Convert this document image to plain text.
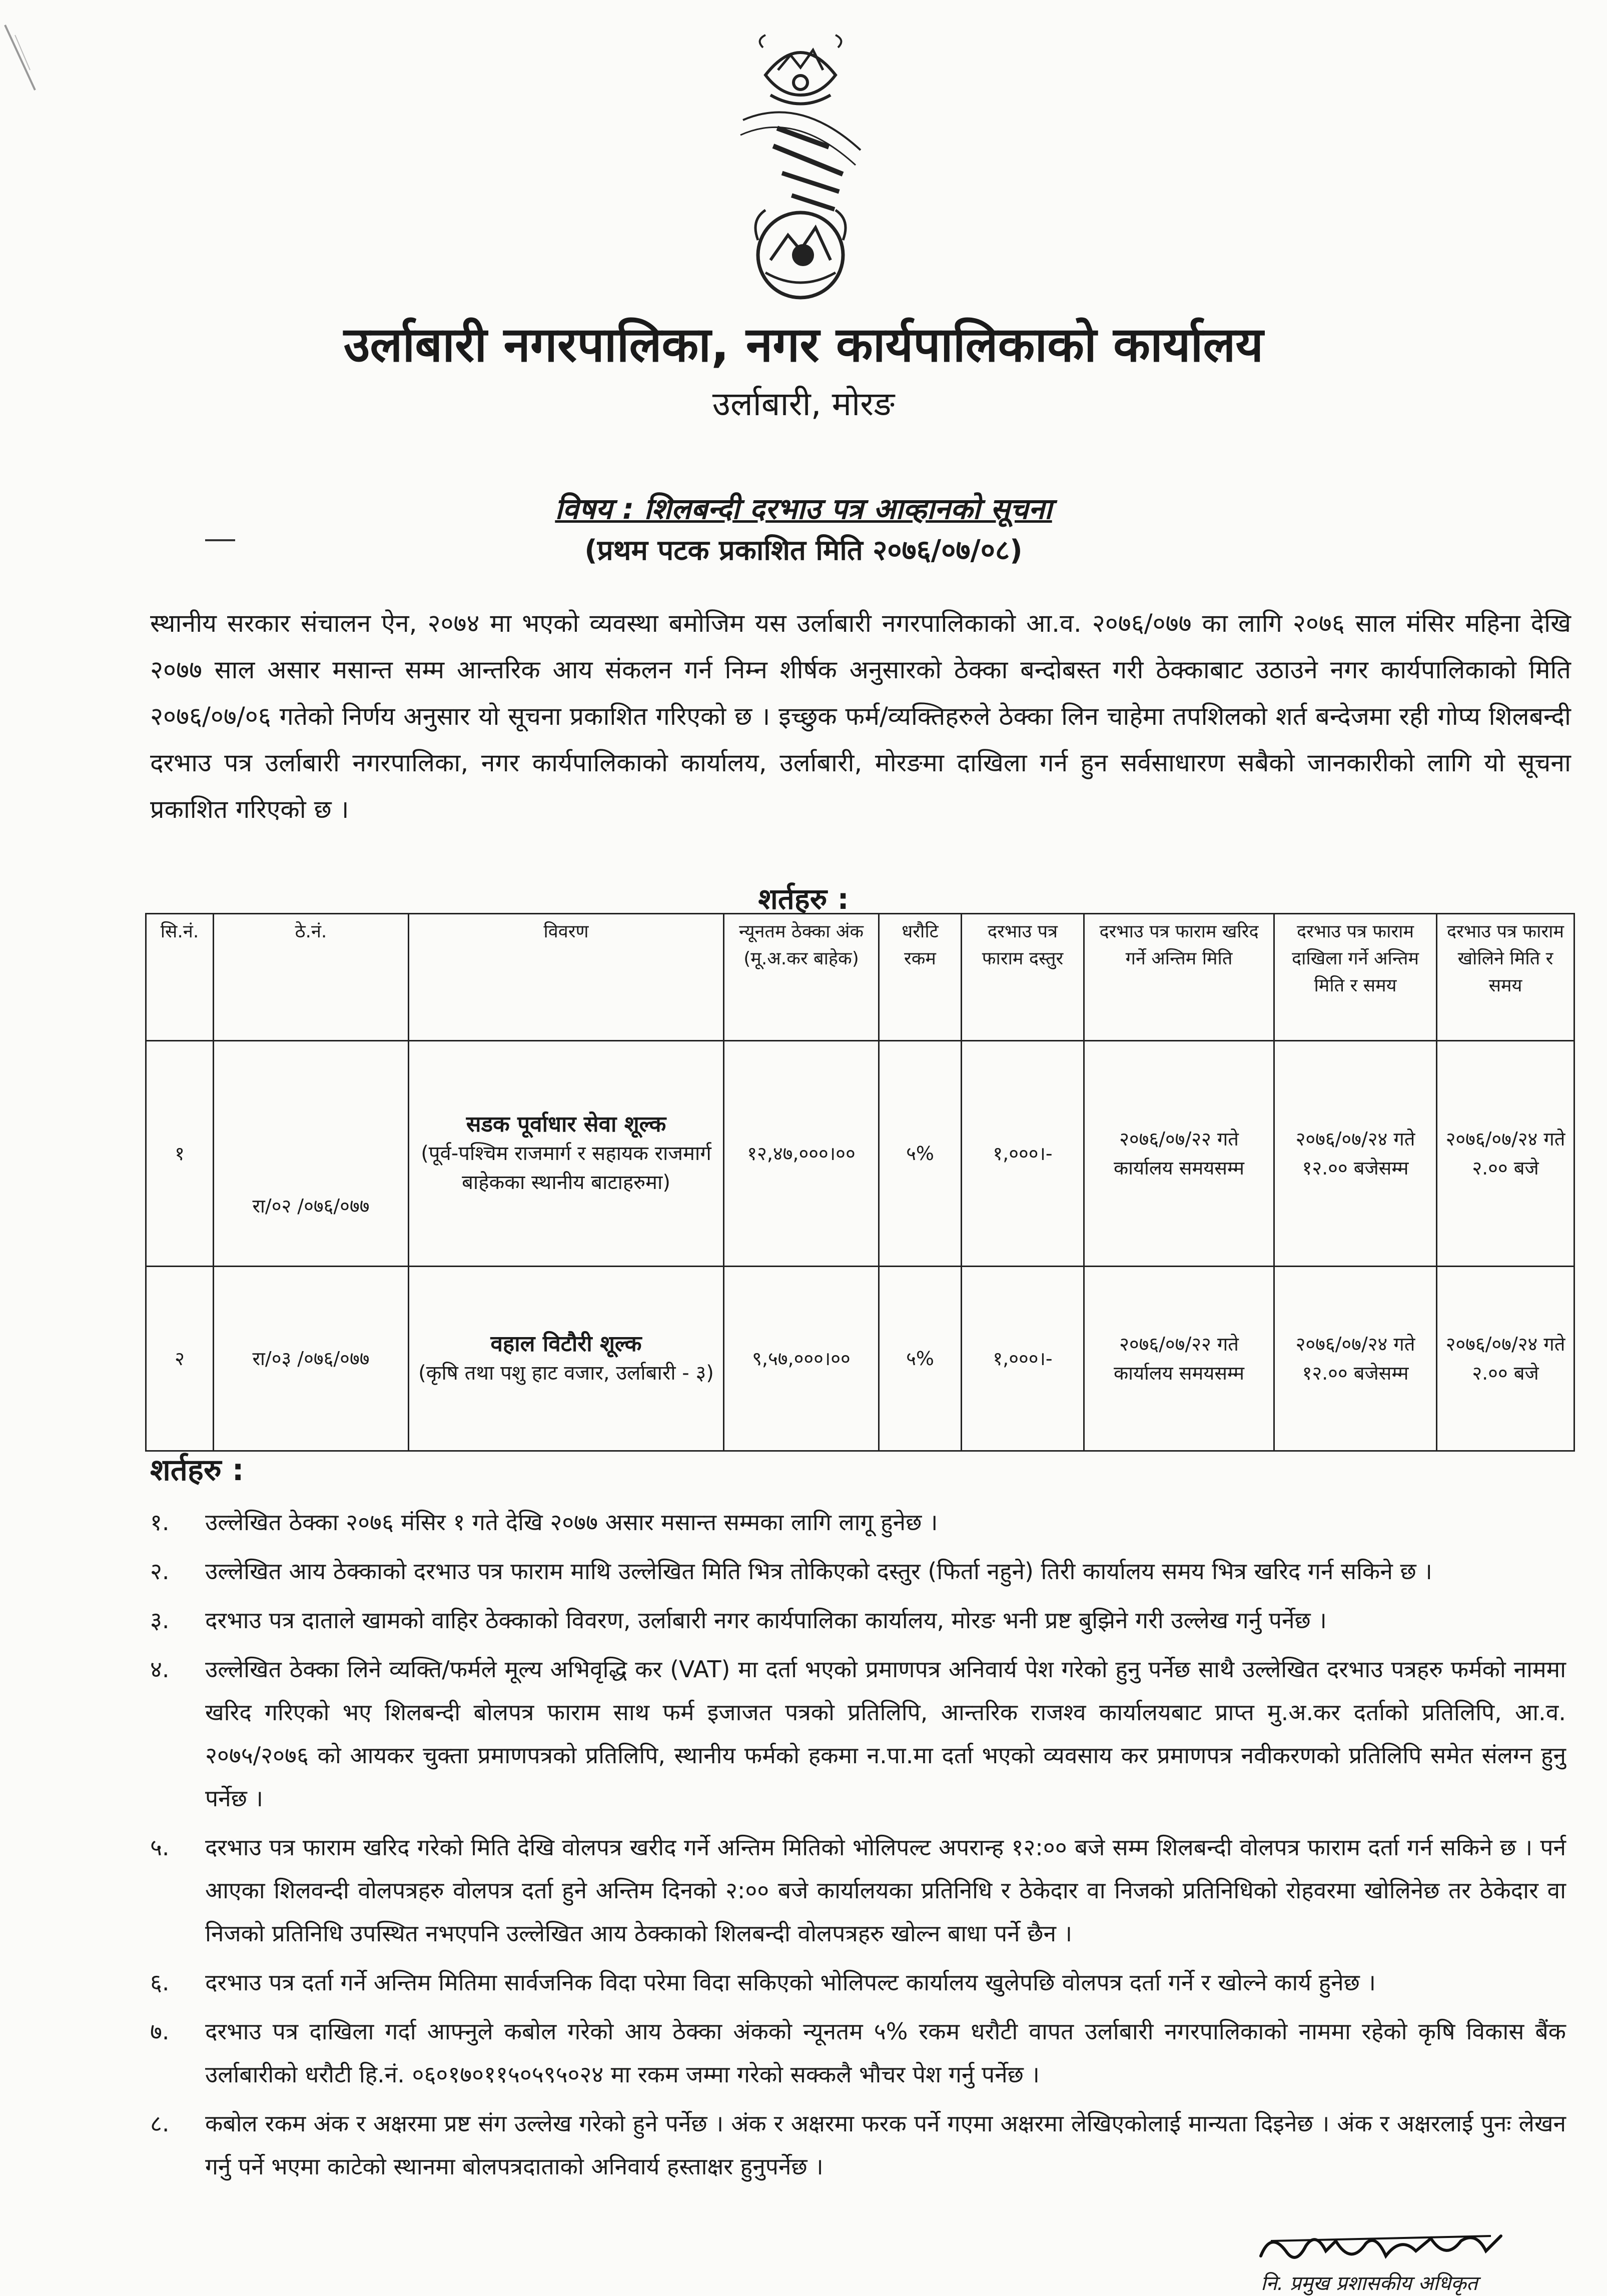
उर्लाबारी नगरपालिका, नगर कार्यपालिकाको कार्यालय
उर्लाबारी, मोरङ
विषय : शिलबन्दी दरभाउ पत्र आव्हानको सूचना
(प्रथम पटक प्रकाशित मिति २०७६/०७/०८)

स्थानीय सरकार संचालन ऐन, २०७४ मा भएको व्यवस्था बमोजिम यस उर्लाबारी नगरपालिकाको आ.व. २०७६/०७७ का लागि २०७६ साल मंसिर महिना देखि २०७७ साल असार मसान्त सम्म आन्तरिक आय संकलन गर्न निम्न शीर्षक अनुसारको ठेक्का बन्दोबस्त गरी ठेक्काबाट उठाउने नगर कार्यपालिकाको मिति २०७६/०७/०६ गतेको निर्णय अनुसार यो सूचना प्रकाशित गरिएको छ । इच्छुक फर्म/व्यक्तिहरुले ठेक्का लिन चाहेमा तपशिलको शर्त बन्देजमा रही गोप्य शिलबन्दी दरभाउ पत्र उर्लाबारी नगरपालिका, नगर कार्यपालिकाको कार्यालय, उर्लाबारी, मोरङमा दाखिला गर्न हुन सर्वसाधारण सबैको जानकारीको लागि यो सूचना प्रकाशित गरिएको छ ।

शर्तहरु :
सि.नं.	ठे.नं.	विवरण	न्यूनतम ठेक्का अंक (मू.अ.कर बाहेक)	धरौटि रकम	दरभाउ पत्र फाराम दस्तुर	दरभाउ पत्र फाराम खरिद गर्ने अन्तिम मिति	दरभाउ पत्र फाराम दाखिला गर्ने अन्तिम मिति र समय	दरभाउ पत्र फाराम खोलिने मिति र समय
१	रा/०२ /०७६/०७७	सडक पूर्वाधार सेवा शूल्क
(पूर्व-पश्चिम राजमार्ग र सहायक राजमार्ग बाहेकका स्थानीय बाटाहरुमा)	१२,४७,०००।००	५%	१,०००।-	२०७६/०७/२२ गते कार्यालय समयसम्म	२०७६/०७/२४ गते १२.०० बजेसम्म	२०७६/०७/२४ गते २.०० बजे
२	रा/०३ /०७६/०७७	वहाल विटौरी शूल्क
(कृषि तथा पशु हाट वजार, उर्लाबारी - ३)	९,५७,०००।००	५%	१,०००।-	२०७६/०७/२२ गते कार्यालय समयसम्म	२०७६/०७/२४ गते १२.०० बजेसम्म	२०७६/०७/२४ गते २.०० बजे
शर्तहरु :
१. उल्लेखित ठेक्का २०७६ मंसिर १ गते देखि २०७७ असार मसान्त सम्मका लागि लागू हुनेछ ।
२. उल्लेखित आय ठेक्काको दरभाउ पत्र फाराम माथि उल्लेखित मिति भित्र तोकिएको दस्तुर (फिर्ता नहुने) तिरी कार्यालय समय भित्र खरिद गर्न सकिने छ ।
३. दरभाउ पत्र दाताले खामको वाहिर ठेक्काको विवरण, उर्लाबारी नगर कार्यपालिका कार्यालय, मोरङ भनी प्रष्ट बुझिने गरी उल्लेख गर्नु पर्नेछ ।
४. उल्लेखित ठेक्का लिने व्यक्ति/फर्मले मूल्य अभिवृद्धि कर (VAT) मा दर्ता भएको प्रमाणपत्र अनिवार्य पेश गरेको हुनु पर्नेछ साथै उल्लेखित दरभाउ पत्रहरु फर्मको नाममा खरिद गरिएको भए शिलबन्दी बोलपत्र फाराम साथ फर्म इजाजत पत्रको प्रतिलिपि, आन्तरिक राजश्व कार्यालयबाट प्राप्त मु.अ.कर दर्ताको प्रतिलिपि, आ.व. २०७५/२०७६ को आयकर चुक्ता प्रमाणपत्रको प्रतिलिपि, स्थानीय फर्मको हकमा न.पा.मा दर्ता भएको व्यवसाय कर प्रमाणपत्र नवीकरणको प्रतिलिपि समेत संलग्न हुनु पर्नेछ ।
५. दरभाउ पत्र फाराम खरिद गरेको मिति देखि वोलपत्र खरीद गर्ने अन्तिम मितिको भोलिपल्ट अपरान्ह १२:०० बजे सम्म शिलबन्दी वोलपत्र फाराम दर्ता गर्न सकिने छ । पर्न आएका शिलवन्दी वोलपत्रहरु वोलपत्र दर्ता हुने अन्तिम दिनको २:०० बजे कार्यालयका प्रतिनिधि र ठेकेदार वा निजको प्रतिनिधिको रोहवरमा खोलिनेछ तर ठेकेदार वा निजको प्रतिनिधि उपस्थित नभएपनि उल्लेखित आय ठेक्काको शिलबन्दी वोलपत्रहरु खोल्न बाधा पर्ने छैन ।
६. दरभाउ पत्र दर्ता गर्ने अन्तिम मितिमा सार्वजनिक विदा परेमा विदा सकिएको भोलिपल्ट कार्यालय खुलेपछि वोलपत्र दर्ता गर्ने र खोल्ने कार्य हुनेछ ।
७. दरभाउ पत्र दाखिला गर्दा आफ्नुले कबोल गरेको आय ठेक्का अंकको न्यूनतम ५% रकम धरौटी वापत उर्लाबारी नगरपालिकाको नाममा रहेको कृषि विकास बैंक उर्लाबारीको धरौटी हि.नं. ०६०१७०११५०५९५०२४ मा रकम जम्मा गरेको सक्कलै भौचर पेश गर्नु पर्नेछ ।
८. कबोल रकम अंक र अक्षरमा प्रष्ट संग उल्लेख गरेको हुने पर्नेछ । अंक र अक्षरमा फरक पर्ने गएमा अक्षरमा लेखिएकोलाई मान्यता दिइनेछ । अंक र अक्षरलाई पुनः लेखन गर्नु पर्ने भएमा काटेको स्थानमा बोलपत्रदाताको अनिवार्य हस्ताक्षर हुनुपर्नेछ ।
नि. प्रमुख प्रशासकीय अधिकृत
